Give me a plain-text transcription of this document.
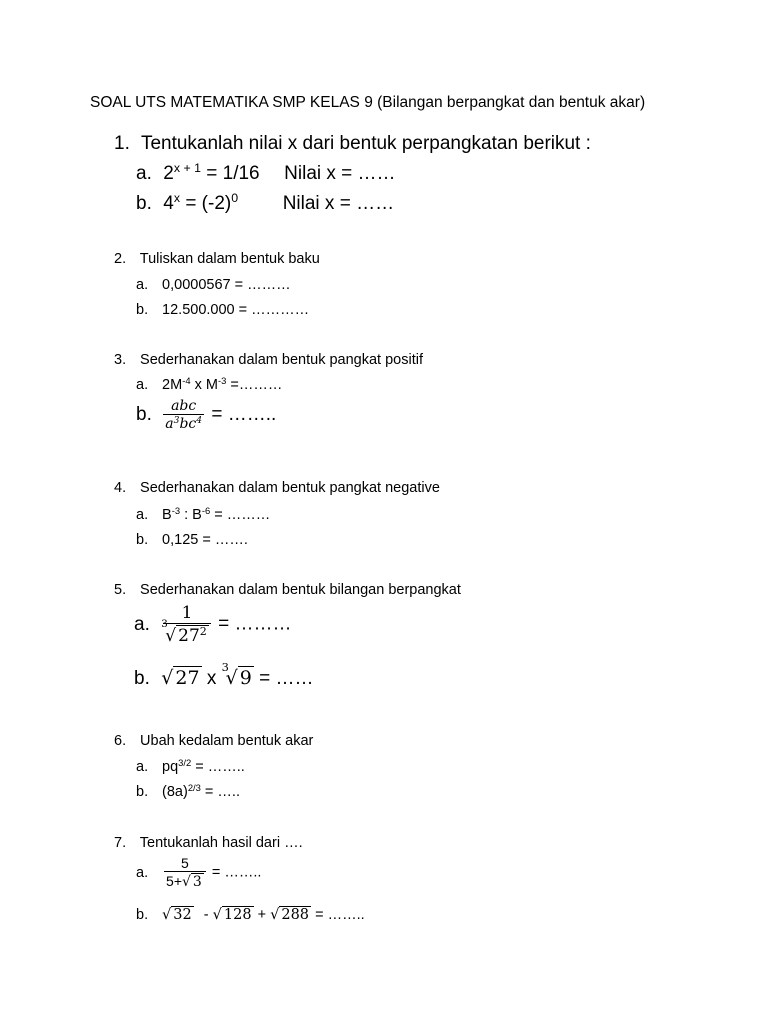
SOAL UTS MATEMATIKA SMP KELAS 9 (Bilangan berpangkat dan bentuk akar)
1. Tentukanlah nilai x dari bentuk perpangkatan berikut :
a. $2^{x + 1} = 1/16$ Nilai x = ……
b. $4^x = (-2)^0$ Nilai x = ……
2. Tuliskan dalam bentuk baku
a. 0,0000567 = ………
b. 12.500.000 = …………
3. Sederhanakan dalam bentuk pangkat positif
a. $2M^{-4}$ x $M^{-3}$ =………
b. $\frac{\text{abc}}{a^3bc^4}$ = ……..
4. Sederhanakan dalam bentuk pangkat negative
a. $B^{-3}$ : $B^{-6}$ = ………
b. 0,125 = …….
5. Sederhanakan dalam bentuk bilangan berpangkat
a. 1
3
√ $27^2$ = ………
b. √ 27 x
3
√ 9 = ……
6. Ubah kedalam bentuk akar
a. $pq^{3/2}$ = ……..
b. $(8a)^{2/3}$ = …..
7. Tentukanlah hasil dari ….
a. $\frac{5}{5+√ 3}$ = ……..
b. √ 32 - √ 128 + √ 288 = ……..
